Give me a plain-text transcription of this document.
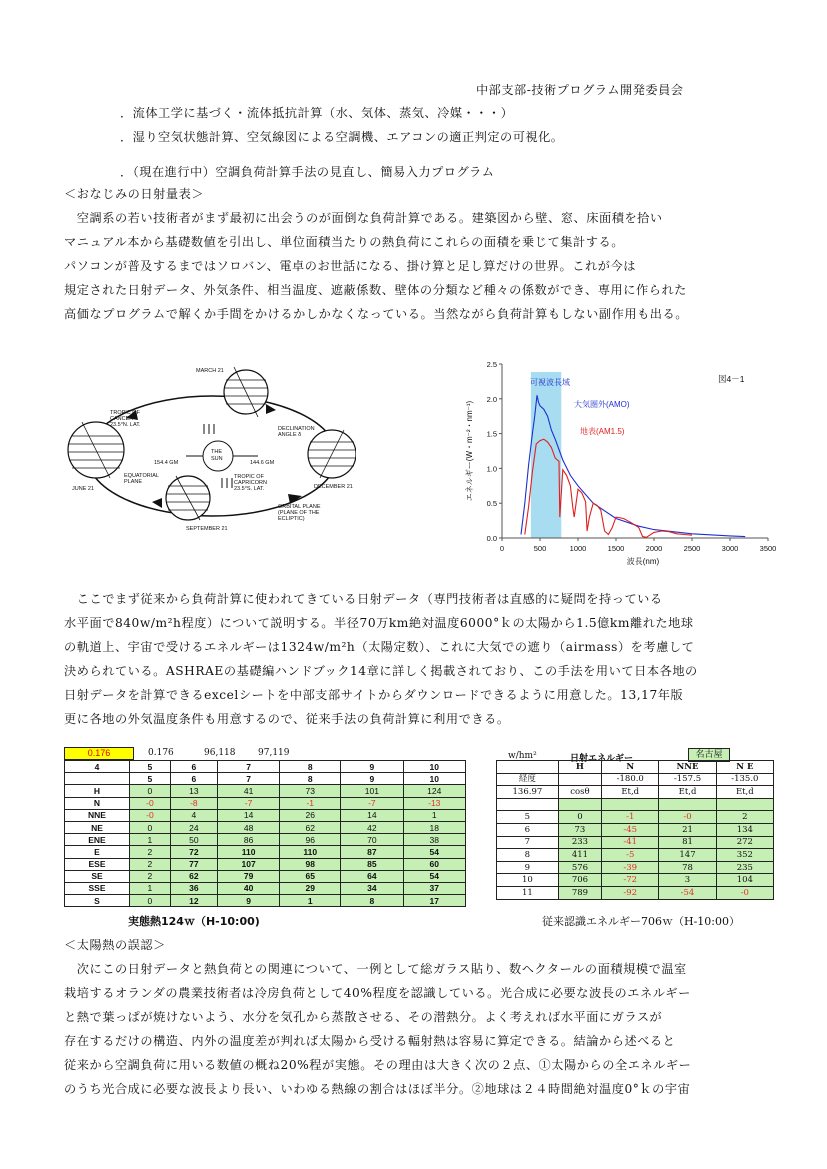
中部支部-技術プログラム開発委員会
．流体工学に基づく・流体抵抗計算（水、気体、蒸気、冷媒・・・）
．湿り空気状態計算、空気線図による空調機、エアコンの適正判定の可視化。
．（現在進行中）空調負荷計算手法の見直し、簡易入力プログラム
＜おなじみの日射量表＞
　空調系の若い技術者がまず最初に出会うのが面倒な負荷計算である。建築図から壁、窓、床面積を拾い
マニュアル本から基礎数値を引出し、単位面積当たりの熱負荷にこれらの面積を乗じて集計する。
パソコンが普及するまではソロバン、電卓のお世話になる、掛け算と足し算だけの世界。これが今は
規定された日射データ、外気条件、相当温度、遮蔽係数、壁体の分類など種々の係数ができ、専用に作られた
高価なプログラムで解くか手間をかけるかしかなくなっている。当然ながら負荷計算もしない副作用も出る。
MARCH 21
JUNE 21
SEPTEMBER 21
DECEMBER 21
THE
SUN
TROPIC OF
CANCER
23.5°N. LAT.
TROPIC OF
CAPRICORN
23.5°S. LAT.
DECLINATION
ANGLE δ
EQUATORIAL
PLANE
ORBITAL PLANE
(PLANE OF THE
ECLIPTIC)
154.4 GM	144.6 GM
0	500	1000	1500	2000	2500	3000	3500
0.0
0.5
1.0
1.5
2.0
2.5
波長(nm)
エネルギー(W・m⁻²・nm⁻¹)
図4－1
可視波長域
大気圏外(AMO)
地表(AM1.5)
　ここでまず従来から負荷計算に使われてきている日射データ（専門技術者は直感的に疑問を持っている
水平面で840w/m²h程度）について説明する。半径70万km絶対温度6000°ｋの太陽から1.5億km離れた地球
の軌道上、宇宙で受けるエネルギーは1324w/m²h（太陽定数）、これに大気での遮り（airmass）を考慮して
決められている。ASHRAEの基礎編ハンドブック14章に詳しく掲載されており、この手法を用いて日本各地の
日射データを計算できるexcelシートを中部支部サイトからダウンロードできるように用意した。13,17年版
更に各地の外気温度条件も用意するので、従来手法の負荷計算に利用できる。
0.176	0.176	96,118	97,119
4	5	6	7	8	9	10
	5	6	7	8	9	10
H	0	13	41	73	101	124
N	-0	-8	-7	-1	-7	-13
NNE	-0	4	14	26	14	1
NE	0	24	48	62	42	18
ENE	1	50	86	96	70	38
E	2	72	110	110	87	54
ESE	2	77	107	98	85	60
SE	2	62	79	65	64	54
SSE	1	36	40	29	34	37
S	0	12	9	1	8	17
実態熱124ｗ（H-10:00)
w/hm²	日射エネルギー	名古屋
	H	N	NNE	N E
経度		-180.0	-157.5	-135.0
136.97	cosθ	Et,d	Et,d	Et,d

5	0	-1	-0	2
6	73	-45	21	134
7	233	-41	81	272
8	411	-5	147	352
9	576	-39	78	235
10	706	-72	3	104
11	789	-92	-54	-0
従来認識エネルギー706ｗ（H-10:00）
＜太陽熱の誤認＞
　次にこの日射データと熱負荷との関連について、一例として総ガラス貼り、数ヘクタールの面積規模で温室
栽培するオランダの農業技術者は冷房負荷として40%程度を認識している。光合成に必要な波長のエネルギー
と熱で葉っぱが焼けないよう、水分を気孔から蒸散させる、その潜熱分。よく考えれば水平面にガラスが
存在するだけの構造、内外の温度差が判れば太陽から受ける輻射熱は容易に算定できる。結論から述べると
従来から空調負荷に用いる数値の概ね20%程が実態。その理由は大きく次の２点、①太陽からの全エネルギー
のうち光合成に必要な波長より長い、いわゆる熱線の割合はほぼ半分。②地球は２４時間絶対温度0°ｋの宇宙
